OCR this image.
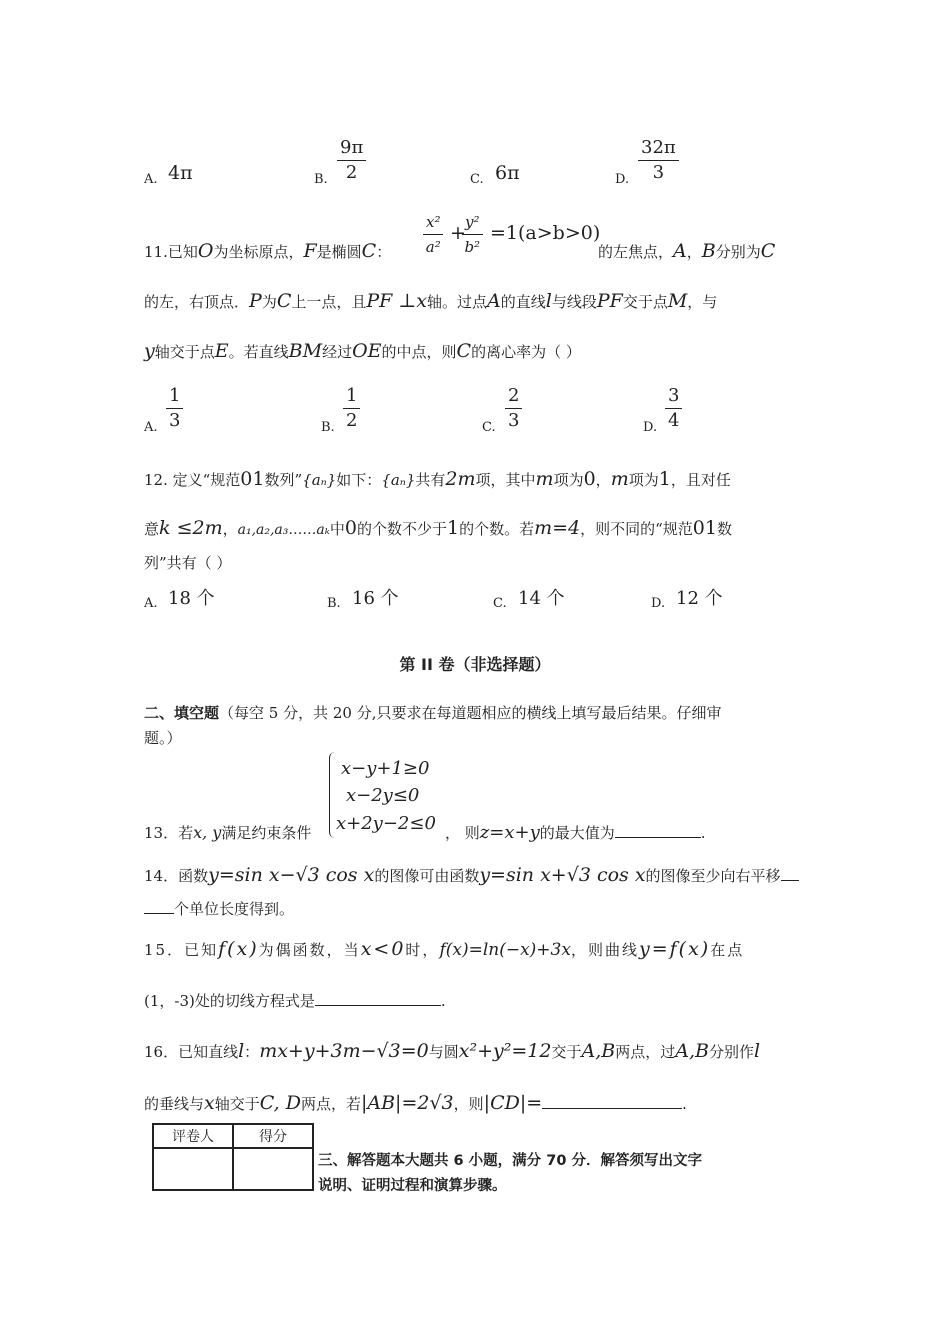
A. 4π	B. $\frac{9\pi}{2}$	C. 6π	D. $\frac{32\pi}{3}$
11.已知O为坐标原点，F是椭圆C： $\frac{\text{x²}}{\text{a²}}$ +
$\frac{\text{y²}}{\text{b²}} =1(a>b>0)$
的左焦点，A，B分别为C
的左，右顶点．P为C上一点，且PF ⊥x轴。过点A的直线l与线段PF交于点M，与
y轴交于点E。若直线BM经过OE的中点，则C的离心率为（ ）
A. $\frac{1}{3}$	B. $\frac{1}{2}$	C. $\frac{2}{3}$	D. $\frac{3}{4}$
12. 定义“规范01数列”{aₙ}如下：{aₙ}共有2m项，其中m项为0，m项为1，且对任
意k ≤2m，a₁,a₂,a₃……aₖ中0的个数不少于1的个数。若m=4，则不同的“规范01数
列”共有（ ）
A. 18 个	B. 16 个	C. 14 个	D. 12 个
第 II 卷（非选择题）
二、填空题（每空 5 分，共 20 分,只要求在每道题相应的横线上填写最后结果。仔细审
题。）
x−y+1≥0
x−2y≤0
x+2y−2≤0
13．若x, y满足约束条件	， 则z=x+y的最大值为	.
14．函数y=sin x−√3 cos x的图像可由函数y=sin x+√3 cos x的图像至少向右平移
个单位长度得到。
15．已知f(x)为偶函数，当x<0时，f(x)=ln(−x)+3x，则曲线y=f(x)在点
(1，-3)处的切线方程式是	.
16．已知直线l：mx+y+3m−√3=0与圆x²+y²=12交于A,B两点，过A,B分别作l
的垂线与x轴交于C, D两点，若|AB|=2√3，则|CD|=	.
评卷人	得分

三、解答题本大题共 6 小题，满分 70 分．解答须写出文字
说明、证明过程和演算步骤。
